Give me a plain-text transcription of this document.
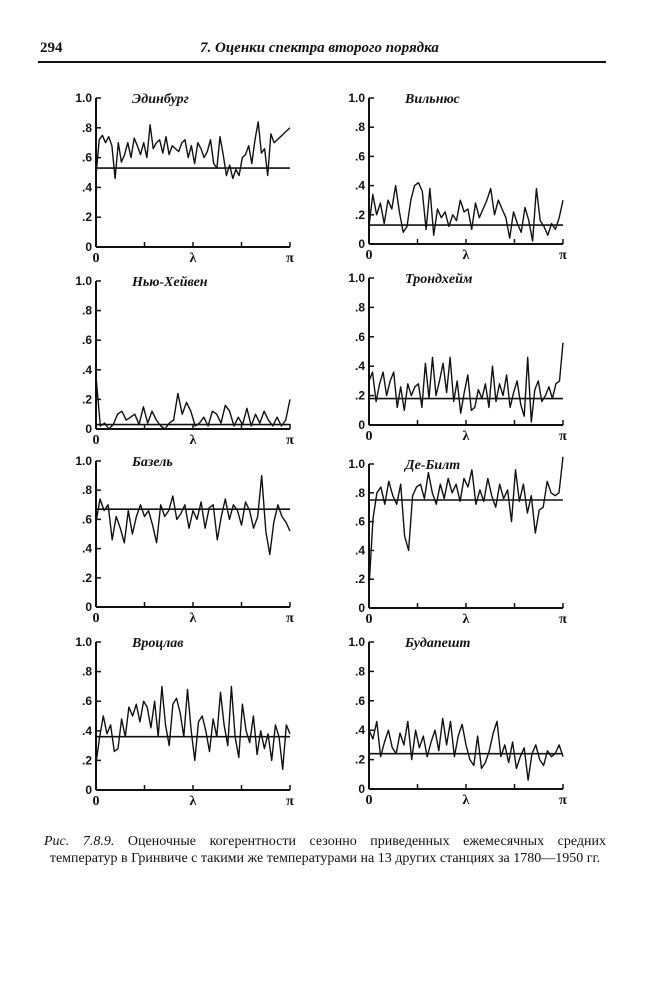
294	7. Оценки спектра второго порядка
0
.2
.4
.6
.8
1.0
0	λ	π
Эдинбург
0
.2
.4
.6
.8
1.0
0	λ	π
Вильнюс
0
.2
.4
.6
.8
1.0
0	λ	π
Нью-Хейвен
0
.2
.4
.6
.8
1.0
0	λ	π
Трондхейм
0
.2
.4
.6
.8
1.0
0	λ	π
Базель
0
.2
.4
.6
.8
1.0
0	λ	π
Де-Билт
0
.2
.4
.6
.8
1.0
0	λ	π
Вроцлав
0
.2
.4
.6
.8
1.0
0	λ	π
Будапешт
Рис. 7.8.9. Оценочные когерентности сезонно приведенных ежемесячных средних температур в Гринвиче с такими же температурами на 13 других станциях за 1780—1950 гг.
